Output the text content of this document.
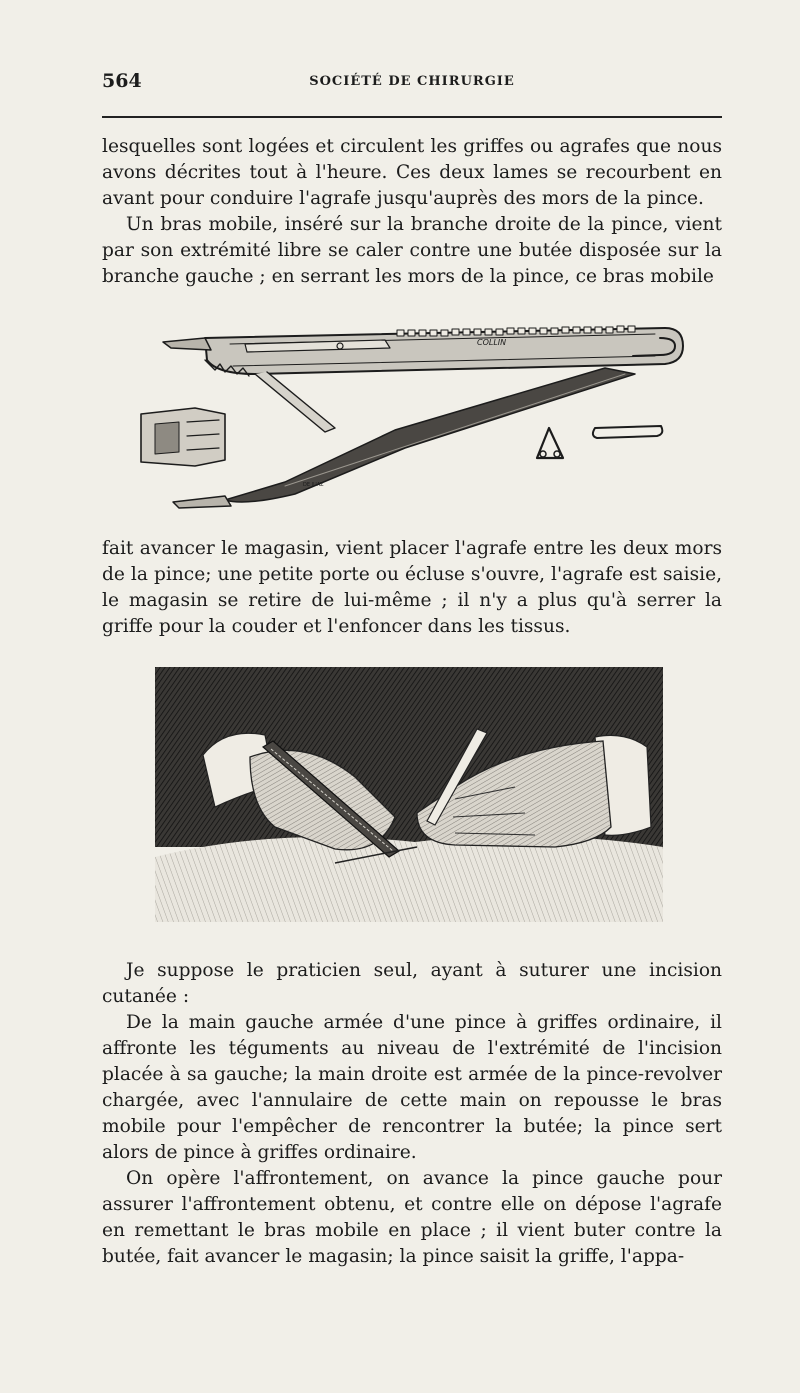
564	SOCIÉTÉ DE CHIRURGIE

lesquelles sont logées et circulent les griffes ou agrafes que nous avons décrites tout à l'heure. Ces deux lames se recourbent en avant pour conduire l'agrafe jusqu'auprès des mors de la pince.

Un bras mobile, inséré sur la branche droite de la pince, vient par son extrémité libre se caler contre une butée disposée sur la branche gauche ; en serrant les mors de la pince, ce bras mobile

COLLIN
DE JUAZ

fait avancer le magasin, vient placer l'agrafe entre les deux mors de la pince; une petite porte ou écluse s'ouvre, l'agrafe est saisie, le magasin se retire de lui-même ; il n'y a plus qu'à serrer la griffe pour la couder et l'enfoncer dans les tissus.

Je suppose le praticien seul, ayant à suturer une incision cutanée :

De la main gauche armée d'une pince à griffes ordinaire, il affronte les téguments au niveau de l'extrémité de l'incision placée à sa gauche; la main droite est armée de la pince-revolver chargée, avec l'annulaire de cette main on repousse le bras mobile pour l'empêcher de rencontrer la butée; la pince sert alors de pince à griffes ordinaire.

On opère l'affrontement, on avance la pince gauche pour assurer l'affrontement obtenu, et contre elle on dépose l'agrafe en remettant le bras mobile en place ; il vient buter contre la butée, fait avancer le magasin; la pince saisit la griffe, l'appa-
